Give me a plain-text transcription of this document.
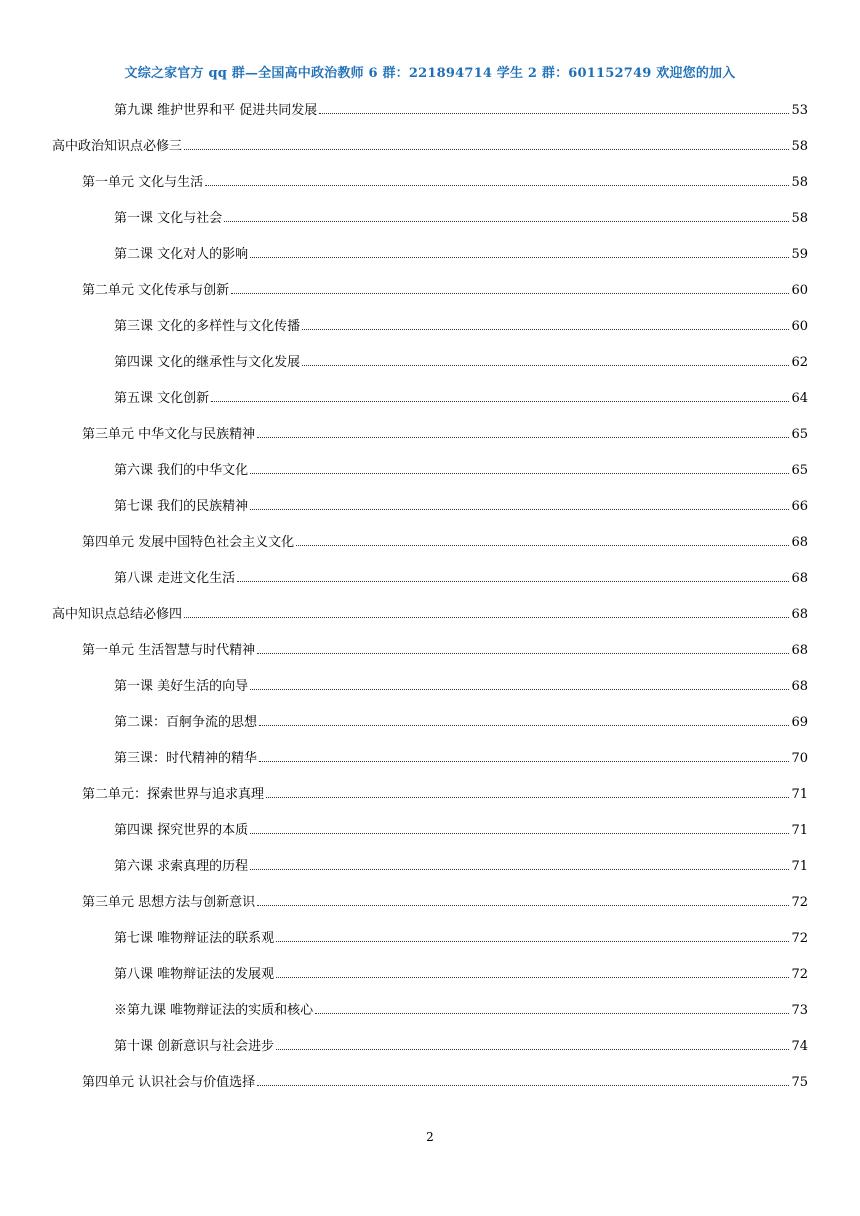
文综之家官方 qq 群—全国高中政治教师 6 群：221894714 学生 2 群：601152749 欢迎您的加入
第九课 维护世界和平 促进共同发展	53
高中政治知识点必修三	58
第一单元 文化与生活	58
第一课 文化与社会	58
第二课 文化对人的影响	59
第二单元 文化传承与创新	60
第三课 文化的多样性与文化传播	60
第四课 文化的继承性与文化发展	62
第五课 文化创新	64
第三单元 中华文化与民族精神	65
第六课 我们的中华文化	65
第七课 我们的民族精神	66
第四单元 发展中国特色社会主义文化	68
第八课 走进文化生活	68
高中知识点总结必修四	68
第一单元 生活智慧与时代精神	68
第一课 美好生活的向导	68
第二课：百舸争流的思想	69
第三课：时代精神的精华	70
第二单元：探索世界与追求真理	71
第四课 探究世界的本质	71
第六课 求索真理的历程	71
第三单元 思想方法与创新意识	72
第七课 唯物辩证法的联系观	72
第八课 唯物辩证法的发展观	72
※第九课 唯物辩证法的实质和核心	73
第十课 创新意识与社会进步	74
第四单元 认识社会与价值选择	75
2
